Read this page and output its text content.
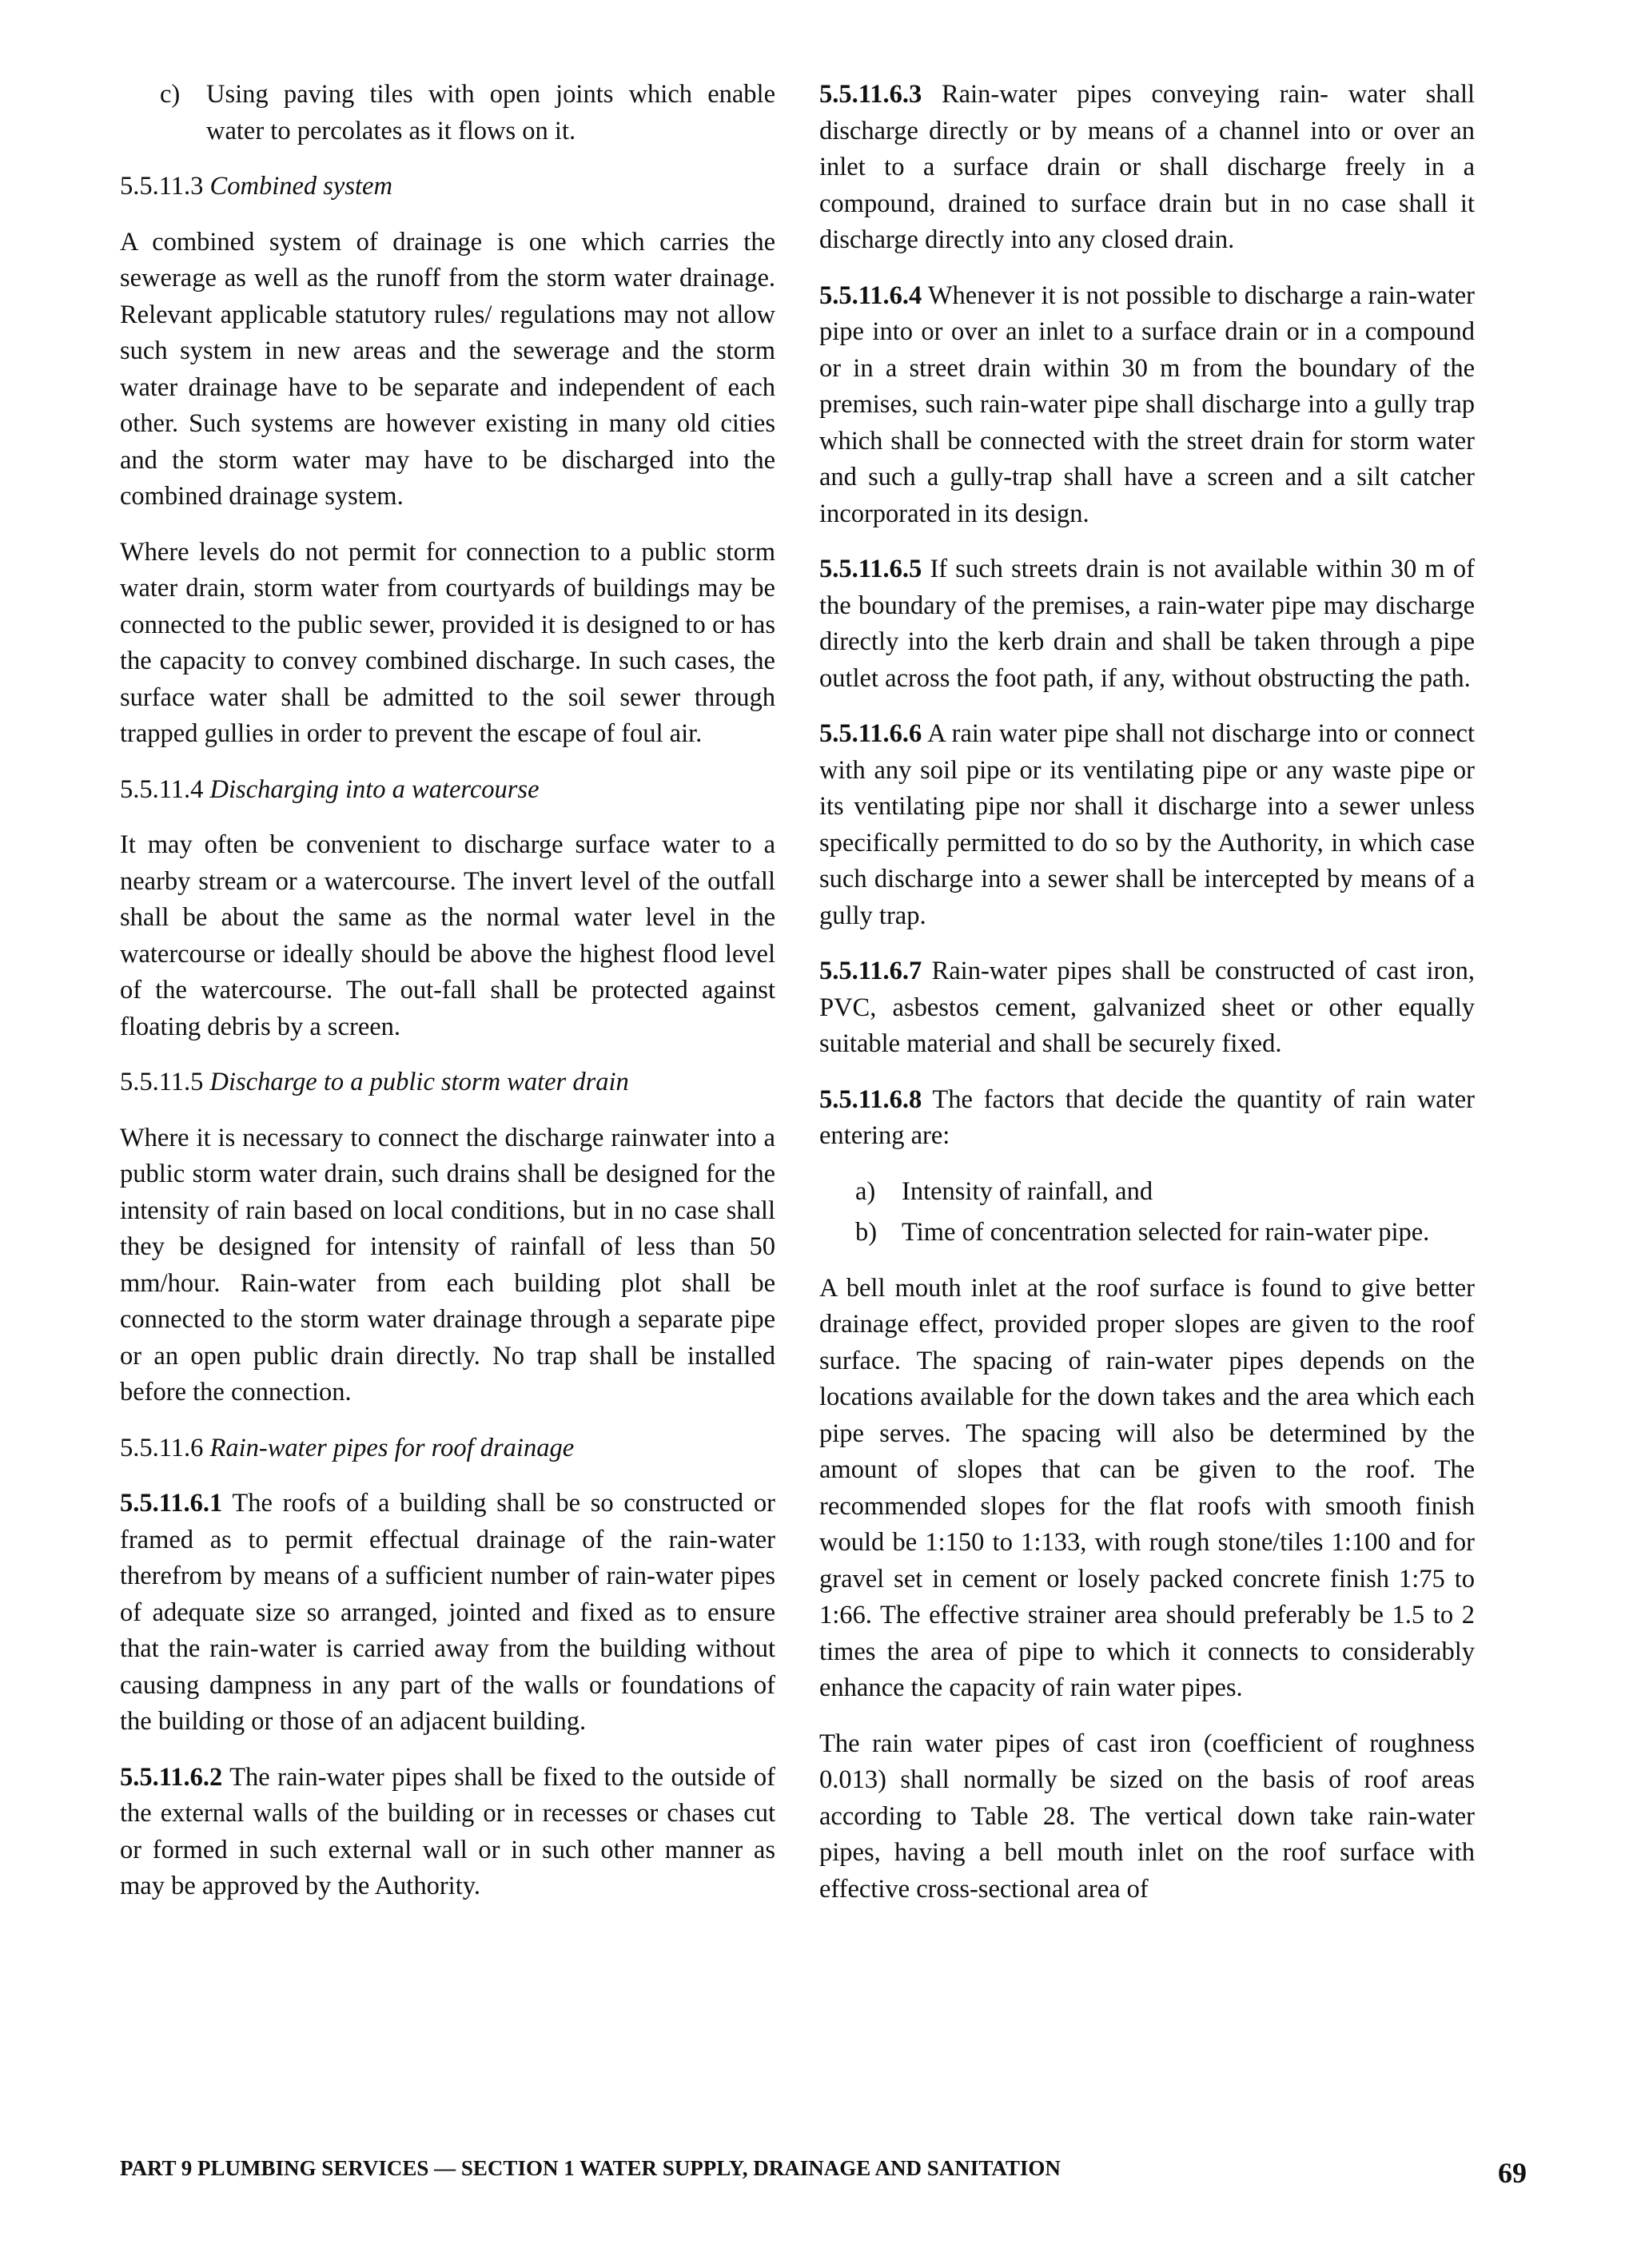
c)	Using paving tiles with open joints which enable water to percolates as it flows on it.
5.5.11.3 Combined system

A combined system of drainage is one which carries the sewerage as well as the runoff from the storm water drainage. Relevant applicable statutory rules/ regulations may not allow such system in new areas and the sewerage and the storm water drainage have to be separate and independent of each other. Such systems are however existing in many old cities and the storm water may have to be discharged into the combined drainage system.

Where levels do not permit for connection to a public storm water drain, storm water from courtyards of buildings may be connected to the public sewer, provided it is designed to or has the capacity to convey combined discharge. In such cases, the surface water shall be admitted to the soil sewer through trapped gullies in order to prevent the escape of foul air.

5.5.11.4 Discharging into a watercourse

It may often be convenient to discharge surface water to a nearby stream or a watercourse. The invert level of the outfall shall be about the same as the normal water level in the watercourse or ideally should be above the highest flood level of the watercourse. The out-fall shall be protected against floating debris by a screen.

5.5.11.5 Discharge to a public storm water drain

Where it is necessary to connect the discharge rainwater into a public storm water drain, such drains shall be designed for the intensity of rain based on local conditions, but in no case shall they be designed for intensity of rainfall of less than 50 mm/hour. Rain-water from each building plot shall be connected to the storm water drainage through a separate pipe or an open public drain directly. No trap shall be installed before the connection.

5.5.11.6 Rain-water pipes for roof drainage

5.5.11.6.1 The roofs of a building shall be so constructed or framed as to permit effectual drainage of the rain-water therefrom by means of a sufficient number of rain-water pipes of adequate size so arranged, jointed and fixed as to ensure that the rain-water is carried away from the building without causing dampness in any part of the walls or foundations of the building or those of an adjacent building.

5.5.11.6.2 The rain-water pipes shall be fixed to the outside of the external walls of the building or in recesses or chases cut or formed in such external wall or in such other manner as may be approved by the Authority.

5.5.11.6.3 Rain-water pipes conveying rain- water shall discharge directly or by means of a channel into or over an inlet to a surface drain or shall discharge freely in a compound, drained to surface drain but in no case shall it discharge directly into any closed drain.

5.5.11.6.4 Whenever it is not possible to discharge a rain-water pipe into or over an inlet to a surface drain or in a compound or in a street drain within 30 m from the boundary of the premises, such rain-water pipe shall discharge into a gully trap which shall be connected with the street drain for storm water and such a gully-trap shall have a screen and a silt catcher incorporated in its design.

5.5.11.6.5 If such streets drain is not available within 30 m of the boundary of the premises, a rain-water pipe may discharge directly into the kerb drain and shall be taken through a pipe outlet across the foot path, if any, without obstructing the path.

5.5.11.6.6 A rain water pipe shall not discharge into or connect with any soil pipe or its ventilating pipe or any waste pipe or its ventilating pipe nor shall it discharge into a sewer unless specifically permitted to do so by the Authority, in which case such discharge into a sewer shall be intercepted by means of a gully trap.

5.5.11.6.7 Rain-water pipes shall be constructed of cast iron, PVC, asbestos cement, galvanized sheet or other equally suitable material and shall be securely fixed.

5.5.11.6.8 The factors that decide the quantity of rain water entering are:

a)	Intensity of rainfall, and
b) Time of concentration selected for rain-water pipe.

A bell mouth inlet at the roof surface is found to give better drainage effect, provided proper slopes are given to the roof surface. The spacing of rain-water pipes depends on the locations available for the down takes and the area which each pipe serves. The spacing will also be determined by the amount of slopes that can be given to the roof. The recommended slopes for the flat roofs with smooth finish would be 1:150 to 1:133, with rough stone/tiles 1:100 and for gravel set in cement or losely packed concrete finish 1:75 to 1:66. The effective strainer area should preferably be 1.5 to 2 times the area of pipe to which it connects to considerably enhance the capacity of rain water pipes.

The rain water pipes of cast iron (coefficient of roughness 0.013) shall normally be sized on the basis of roof areas according to Table 28. The vertical down take rain-water pipes, having a bell mouth inlet on the roof surface with effective cross-sectional area of

PART 9 PLUMBING SERVICES — SECTION 1 WATER SUPPLY, DRAINAGE AND SANITATION	69
